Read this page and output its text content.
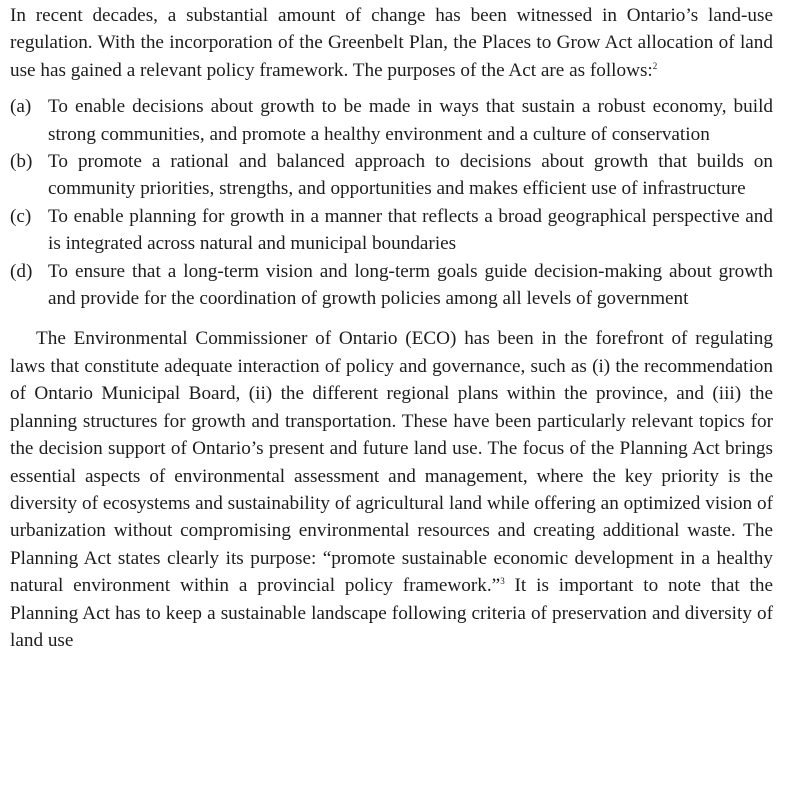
In recent decades, a substantial amount of change has been witnessed in Ontario’s land-use regulation. With the incorporation of the Greenbelt Plan, the Places to Grow Act allocation of land use has gained a relevant policy framework. The purposes of the Act are as follows:$^2$

(a) To enable decisions about growth to be made in ways that sustain a robust economy, build strong communities, and promote a healthy environment and a culture of conservation
(b) To promote a rational and balanced approach to decisions about growth that builds on community priorities, strengths, and opportunities and makes efficient use of infrastructure
(c) To enable planning for growth in a manner that reflects a broad geographical perspective and is integrated across natural and municipal boundaries
(d) To ensure that a long-term vision and long-term goals guide decision-making about growth and provide for the coordination of growth policies among all levels of government

The Environmental Commissioner of Ontario (ECO) has been in the forefront of regulating laws that constitute adequate interaction of policy and governance, such as (i) the recommendation of Ontario Municipal Board, (ii) the different regional plans within the province, and (iii) the planning structures for growth and transportation. These have been particularly relevant topics for the decision support of Ontario’s present and future land use. The focus of the Planning Act brings essential aspects of environmental assessment and management, where the key priority is the diversity of ecosystems and sustainability of agricultural land while offering an optimized vision of urbanization without compromising environmental resources and creating additional waste. The Planning Act states clearly its purpose: “promote sustainable economic development in a healthy natural environment within a provincial policy framework.”$^3$ It is important to note that the Planning Act has to keep a sustainable landscape following criteria of preservation and diversity of land use
